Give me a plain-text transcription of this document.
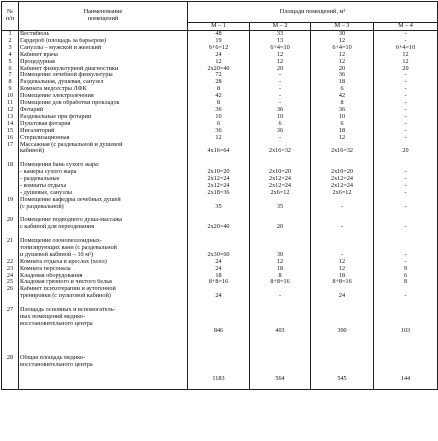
№
п/п	Наименование
помещений	Площади помещений, м²			
		М – 1	М – 2	М – 3	М – 4
1	Вестибюль	48	33	30	-

2	Гардероб (площадь за барьером)	19	13	12	-

3	Санузлы – мужской и женский	6+6=12	6+4=10	6+4=10	6+4=10

4	Кабинет врача	24	12	12	12

5	Процедурная	12	12	12	12

6	Кабинет физкультурной диагностики	2x20=40	20	20	20

7	Помещение лечебной физкультуры	72	-	36	-

8	Раздевальная, душевая, санузел	28	-	18	-

9	Комната медсестры ЛФК	8	-	6	-

10	Помещение электролечения	42	-	42	-

11	Помещение для обработки прокладок	8	-	8	-

12	Фотарий	36	36	36	-

13	Раздевальные при фотарии	10	10	10	-

14	Пультовая фотария	6	6	6	-

15	Ингаляторий	36	36	18	-

16	Стерилизационная	12	-	12	-

17	Массажная (с раздевальной и душевой
кабиной)	4x16=64	2x16=32	2x16=32	20

18	Помещения бань сухого жара:
- камеры сухого жара
- раздевальные
- комнаты отдыха
- душевые, санузлы	2x10=20
2x12=24
2x12=24
2x18=36	2x10=20
2x12=24
2x12=24
2x6=12	2x10=20
2x12=24
2x12=24
2x6=12	-
-
-
-

19	Помещение кафедры лечебных душей
(с раздевальной)	35	35	-	-

20	Помещение подводного душа-массажа
с кабиной для переодевания	2x20=40	20	-	-

21	Помещение озонопеллоидных-
тонизирующих ванн (с раздевальной
и душевой кабиной – 10 м²)	2x30=60	30	-	-

22	Комната отдыха в креслах (холл)	24	12	12	-

23	Комната персонала	24	18	12	9

24	Кладовая оборудования	18	8	18	6

25	Кладовая грязного и чистого белья	8+8=16	8+8=16	8+8=16	8

26	Кабинет психотерапии и аутогенной
тренировки (с пультовой кабиной)	24	-	24	-

27	Площадь основных и вспомогатель-
ных помещений медико-
восстановительного центра	846	403	390	103

28	Общая площадь медико-
восстановительного центра	1183	564	545	144
